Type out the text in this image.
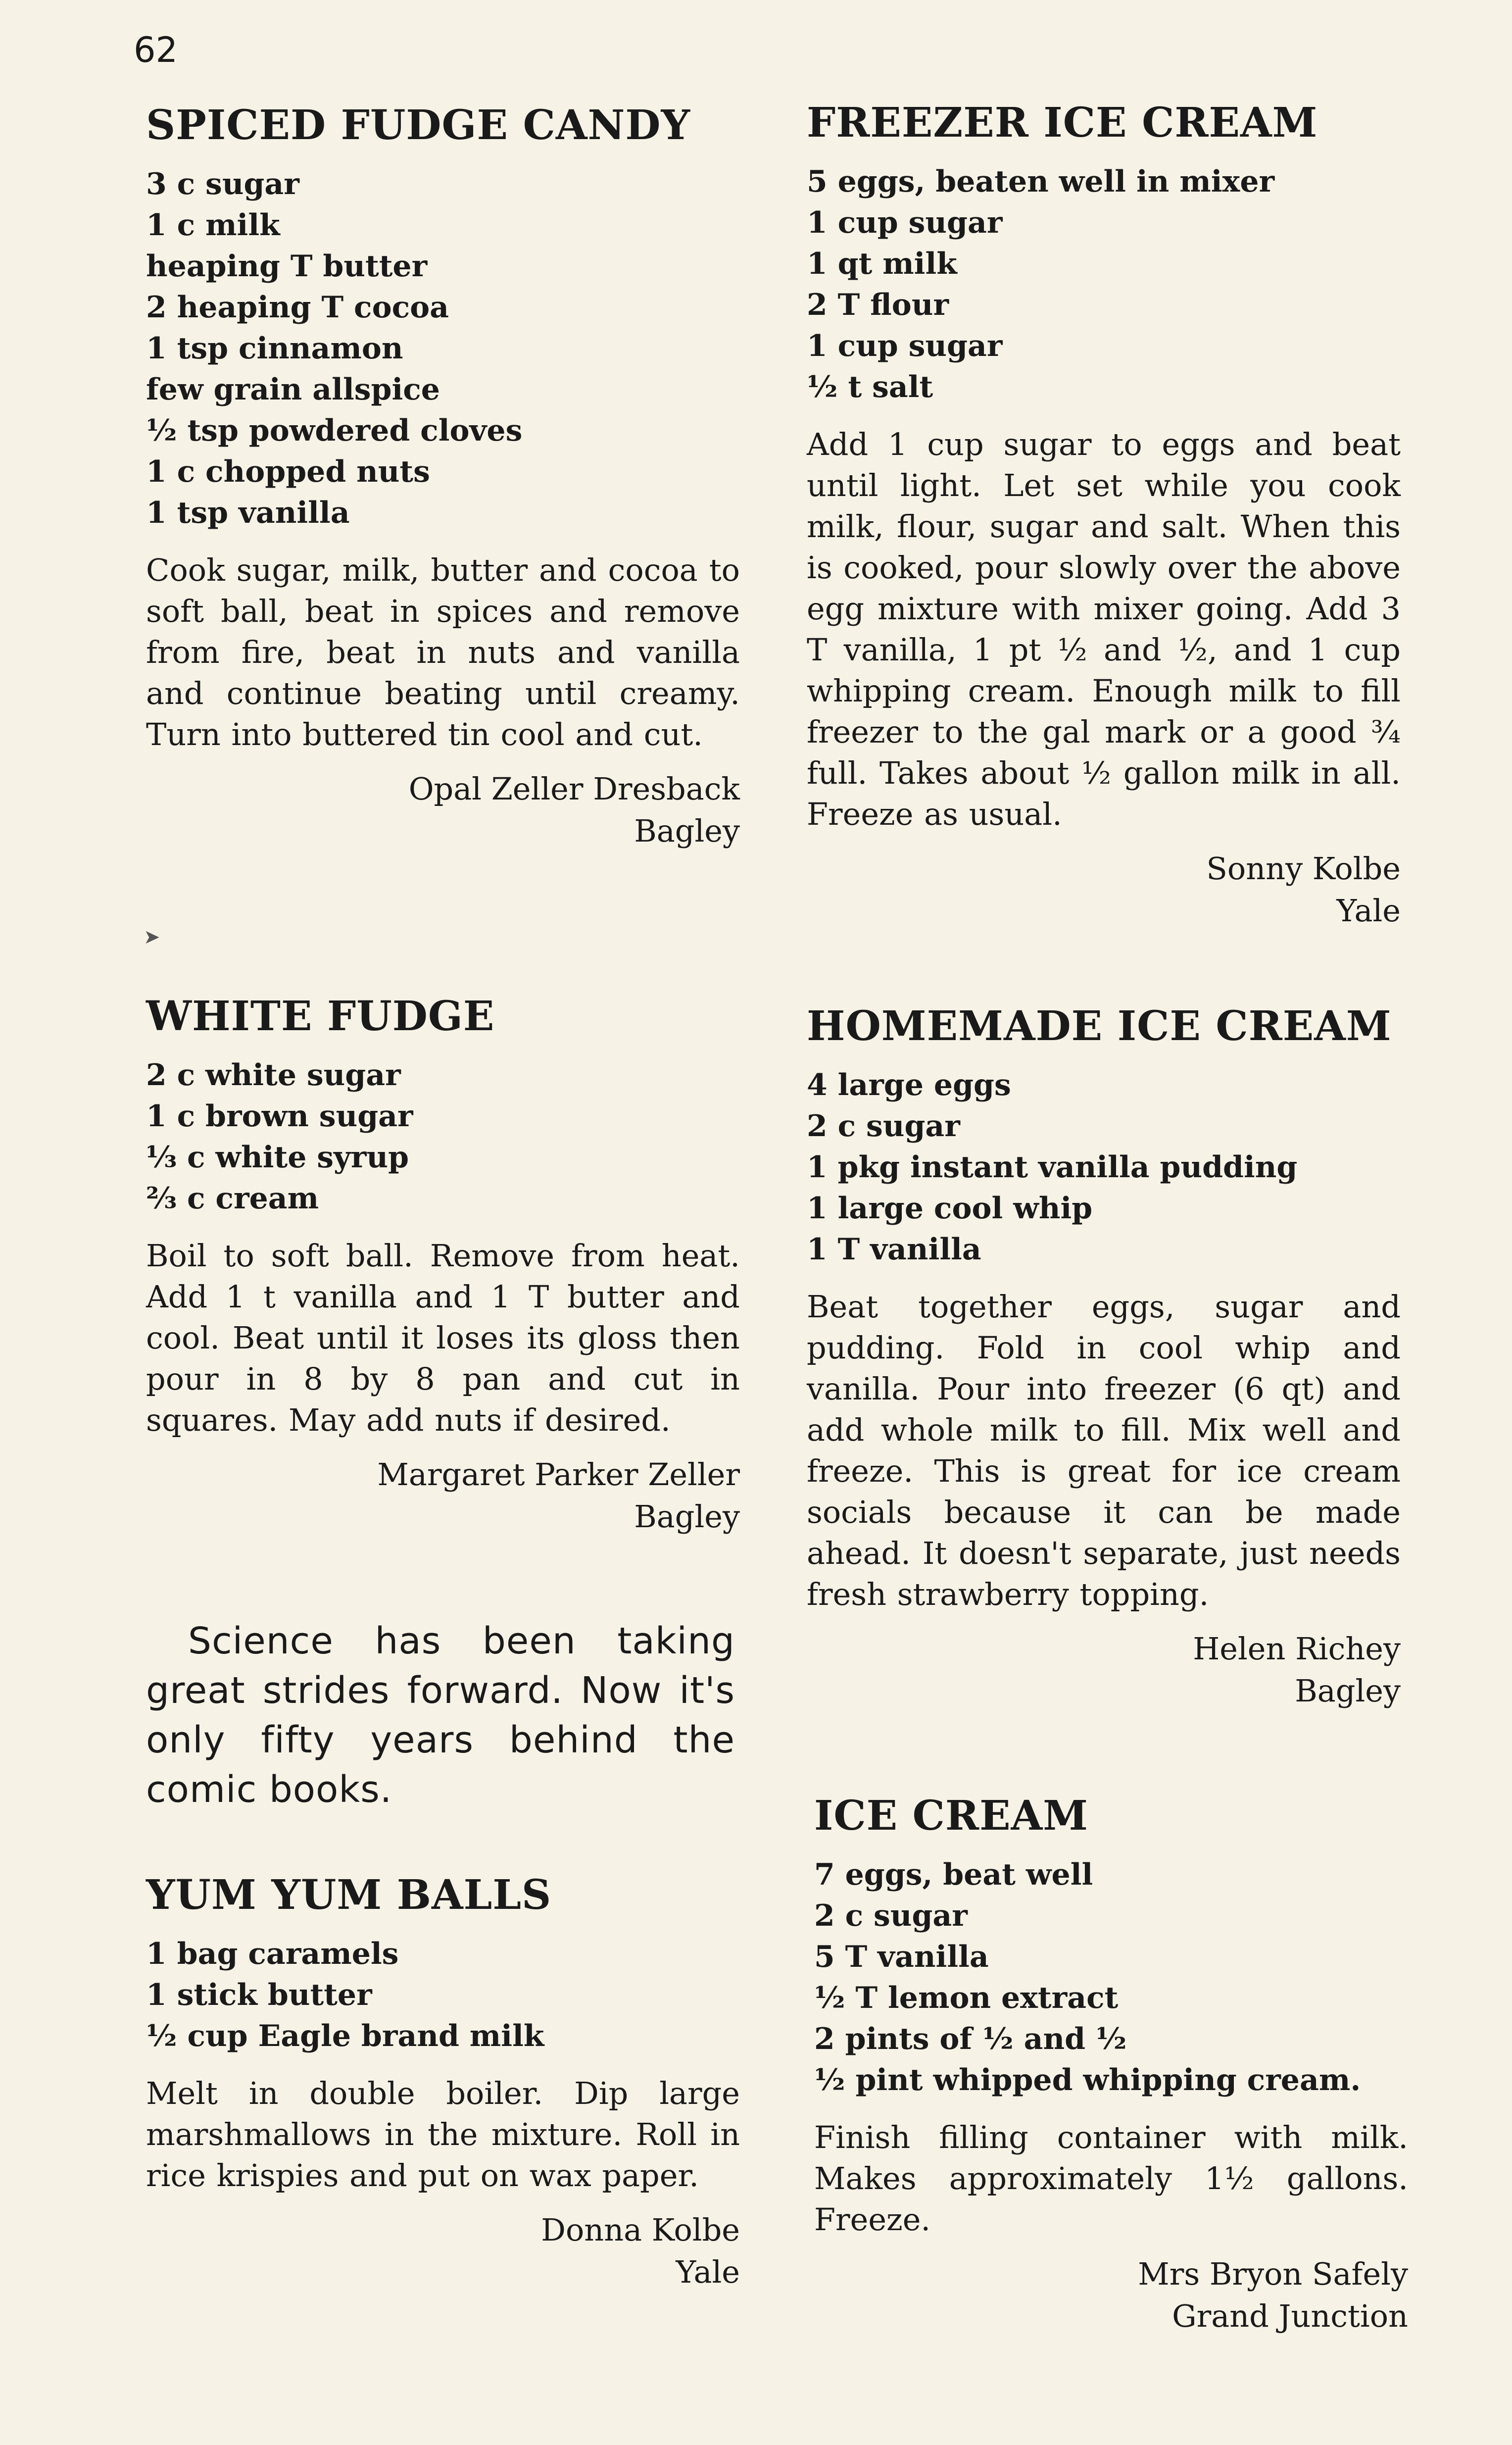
62

SPICED FUDGE CANDY
3 c sugar
1 c milk
heaping T butter
2 heaping T cocoa
1 tsp cinnamon
few grain allspice
½ tsp powdered cloves
1 c chopped nuts
1 tsp vanilla

Cook sugar, milk, butter and cocoa to soft ball, beat in spices and remove from fire, beat in nuts and vanilla and continue beating until creamy. Turn into buttered tin cool and cut.

Opal Zeller Dresback
Bagley

➤
WHITE FUDGE
2 c white sugar
1 c brown sugar
⅓ c white syrup
⅔ c cream

Boil to soft ball. Remove from heat. Add 1 t vanilla and 1 T butter and cool. Beat until it loses its gloss then pour in 8 by 8 pan and cut in squares. May add nuts if desired.

Margaret Parker Zeller
Bagley

Science has been taking great strides forward. Now it's only fifty years behind the comic books.

YUM YUM BALLS
1 bag caramels
1 stick butter
½ cup Eagle brand milk

Melt in double boiler. Dip large marshmallows in the mixture. Roll in rice krispies and put on wax paper.

Donna Kolbe
Yale

FREEZER ICE CREAM
5 eggs, beaten well in mixer
1 cup sugar
1 qt milk
2 T flour
1 cup sugar
½ t salt

Add 1 cup sugar to eggs and beat until light. Let set while you cook milk, flour, sugar and salt. When this is cooked, pour slowly over the above egg mixture with mixer going. Add 3 T vanilla, 1 pt ½ and ½, and 1 cup whipping cream. Enough milk to fill freezer to the gal mark or a good ¾ full. Takes about ½ gallon milk in all. Freeze as usual.

Sonny Kolbe
Yale

HOMEMADE ICE CREAM
4 large eggs
2 c sugar
1 pkg instant vanilla pudding
1 large cool whip
1 T vanilla

Beat together eggs, sugar and pudding. Fold in cool whip and vanilla. Pour into freezer (6 qt) and add whole milk to fill. Mix well and freeze. This is great for ice cream socials because it can be made ahead. It doesn't separate, just needs fresh strawberry topping.

Helen Richey
Bagley

ICE CREAM
7 eggs, beat well
2 c sugar
5 T vanilla
½ T lemon extract
2 pints of ½ and ½
½ pint whipped whipping cream.

Finish filling container with milk. Makes approximately 1½ gallons. Freeze.

Mrs Bryon Safely
Grand Junction
